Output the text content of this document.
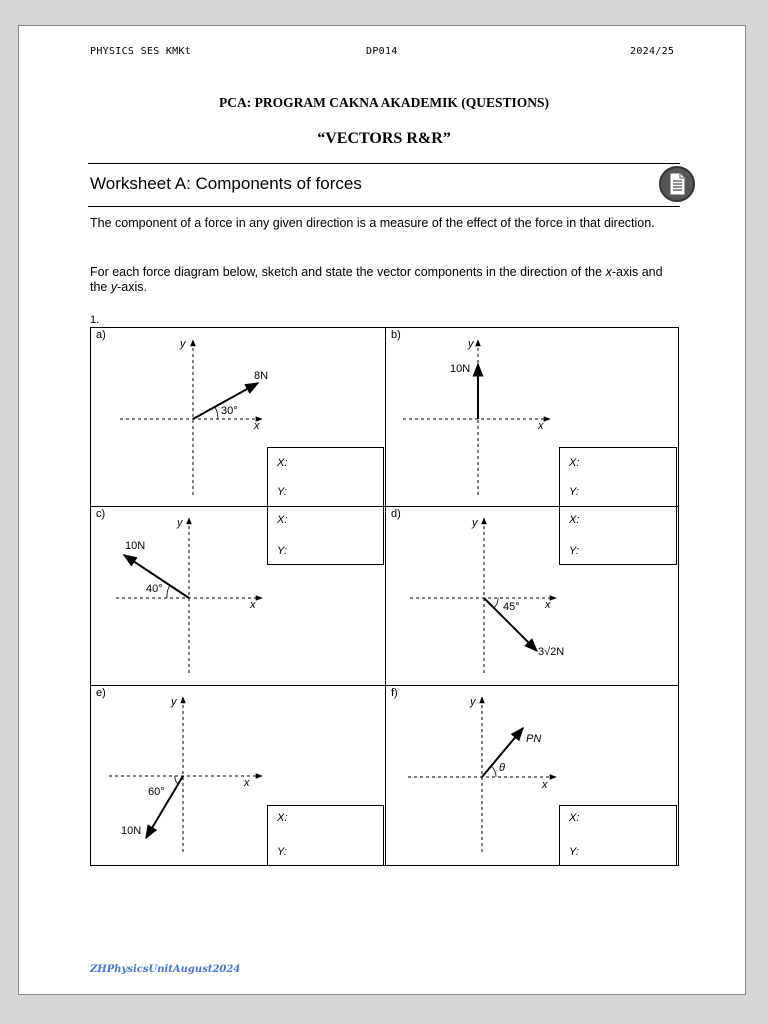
PHYSICS SES KMKt	DP014	2024/25
PCA: PROGRAM CAKNA AKADEMIK (QUESTIONS)
“VECTORS R&R”
Worksheet A: Components of forces
The component of a force in any given direction is a measure of the effect of the force in that direction.
For each force diagram below, sketch and state the vector components in the direction of the x-axis and the y-axis.
1.
a)	b)
c)	d)
e)	f)
y
x
8N
30°
y
x
10N
y
x
10N
40°
y
x
3√2N
45°
y
x
10N
60°
y
x
PN
θ
X:
Y:
X:
Y:
X:
Y:
X:
Y:
X:
Y:
X:
Y:
ZHPhysicsUnitAugust2024
